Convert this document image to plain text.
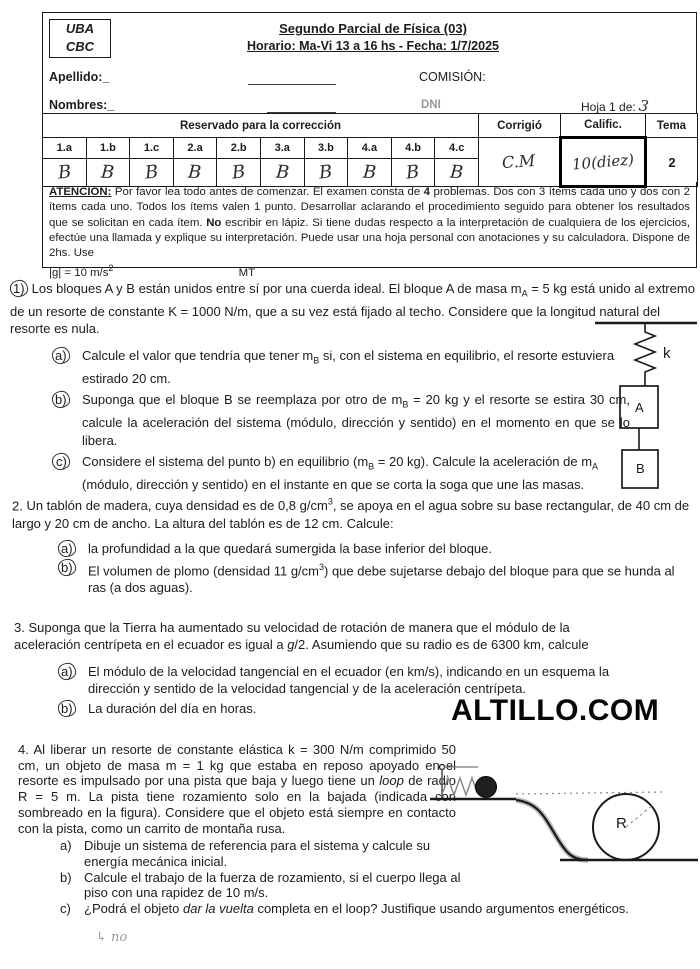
UBA
CBC
Segundo Parcial de Física (03)
Horario: Ma-Vi 13 a 16 hs - Fecha: 1/7/2025
Apellido:_	COMISIÓN:
Nombres:_	DNI	Hoja 1 de: 3
Reservado para la corrección										Corrigió	Calific.	Tema
1.a	1.b	1.c	2.a	2.b	3.a	3.b	4.a	4.b	4.c	C.M	10(diez)	2
B	B	B	B	B	B	B	B	B	B			
ATENCION: Por favor lea todo antes de comenzar. El examen consta de 4 problemas. Dos con 3 ítems cada uno y dos con 2 ítems cada uno. Todos los ítems valen 1 punto. Desarrollar aclarando el procedimiento seguido para obtener los resultados que se solicitan en cada ítem. No escribir en lápiz. Si tiene dudas respecto a la interpretación de cualquiera de los ejercicios, efectúe una llamada y explique su interpretación. Puede usar una hoja personal con anotaciones y su calculadora. Dispone de 2hs. Use
|g| = 10 $m/s^2$	MT
1) Los bloques A y B están unidos entre sí por una cuerda ideal. El bloque A de masa $m_A = 5$ kg está unido al extremo de un resorte de constante K = 1000 N/m, que a su vez está fijado al techo. Considere que la longitud natural del resorte es nula.
a) Calcule el valor que tendría que tener $m_B$ si, con el sistema en equilibrio, el resorte estuviera estirado 20 cm.
b) Suponga que el bloque B se reemplaza por otro de $m_B = 20$ kg y el resorte se estira 30 cm, calcule la aceleración del sistema (módulo, dirección y sentido) en el momento en que se lo libera.
c) Considere el sistema del punto b) en equilibrio ($m_B = 20$ kg). Calcule la aceleración de $m_A$ (módulo, dirección y sentido) en el instante en que se corta la soga que une las masas.
k
A
B
2. Un tablón de madera, cuya densidad es de 0,8 $g/cm^3$, se apoya en el agua sobre su base rectangular, de 40 cm de largo y 20 cm de ancho. La altura del tablón es de 12 cm. Calcule:
a) la profundidad a la que quedará sumergida la base inferior del bloque.
b) El volumen de plomo (densidad 11 $g/cm^3$) que debe sujetarse debajo del bloque para que se hunda al ras (a dos aguas).
3. Suponga que la Tierra ha aumentado su velocidad de rotación de manera que el módulo de la aceleración centrípeta en el ecuador es igual a g/2. Asumiendo que su radio es de 6300 km, calcule
a) El módulo de la velocidad tangencial en el ecuador (en km/s), indicando en un esquema la dirección y sentido de la velocidad tangencial y de la aceleración centrípeta.
b) La duración del día en horas.	ALTILLO.COM
4. Al liberar un resorte de constante elástica k = 300 N/m comprimido 50 cm, un objeto de masa m = 1 kg que estaba en reposo apoyado en el resorte es impulsado por una pista que baja y luego tiene un loop de radio R = 5 m. La pista tiene rozamiento solo en la bajada (indicada con sombreado en la figura). Considere que el objeto está siempre en contacto con la pista, como un carrito de montaña rusa.
a) Dibuje un sistema de referencia para el sistema y calcule su energía mecánica inicial.
b) Calcule el trabajo de la fuerza de rozamiento, si el cuerpo llega al piso con una rapidez de 10 m/s.
c)	¿Podrá el objeto dar la vuelta completa en el loop? Justifique usando argumentos energéticos.
R
↳ no
